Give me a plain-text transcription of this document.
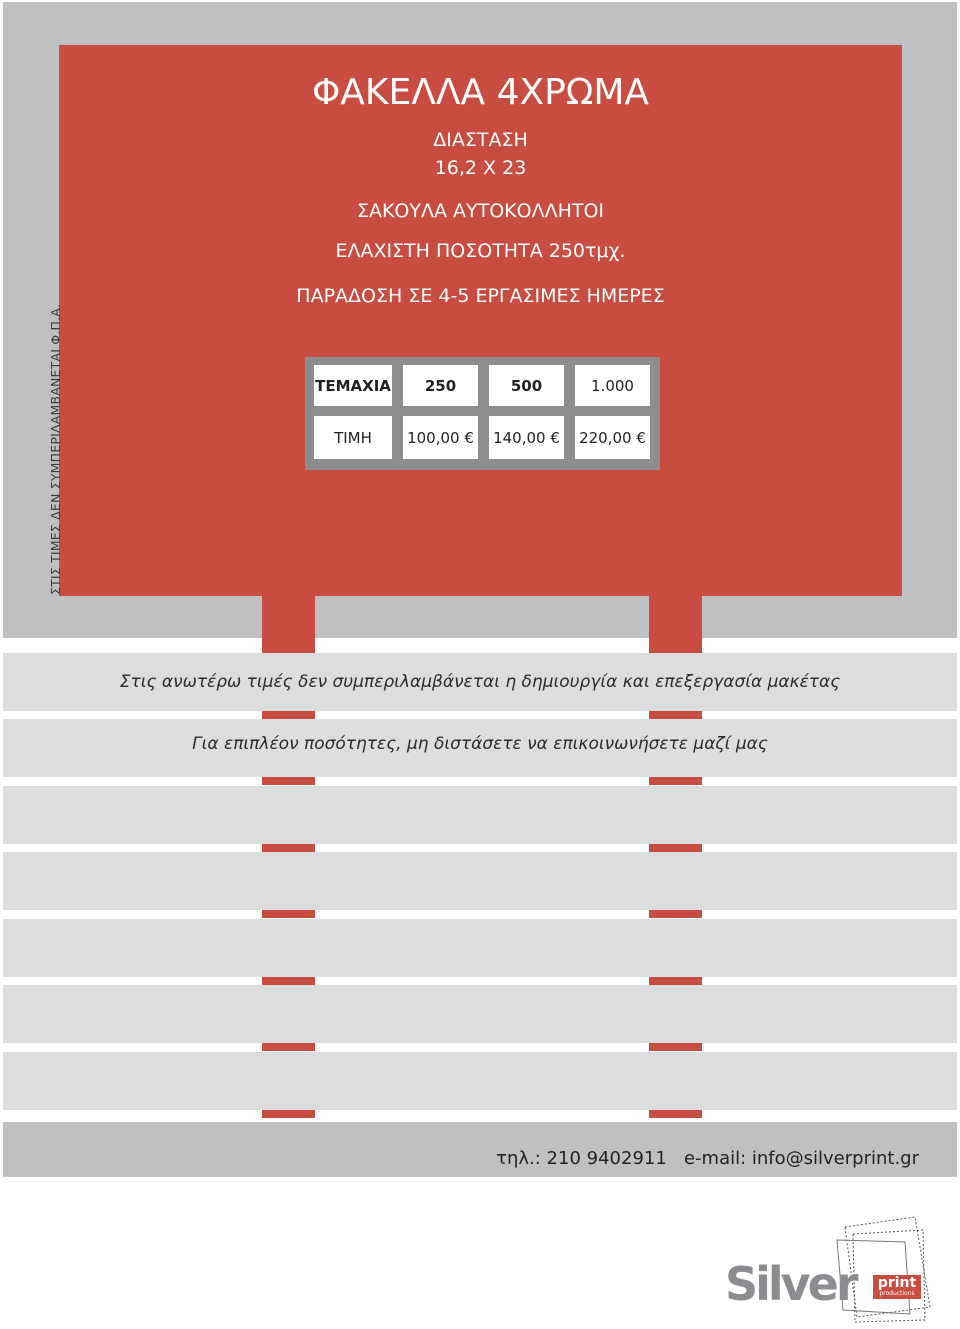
ΣΤΙΣ ΤΙΜΕΣ ΔΕΝ ΣΥΜΠΕΡΙΛΑΜΒΑΝΕΤΑΙ Φ.Π.Α.
ΦΑΚΕΛΛΑ 4ΧΡΩΜΑ
ΔΙΑΣΤΑΣΗ
16,2 Χ 23
ΣΑΚΟΥΛΑ ΑΥΤΟΚΟΛΛΗΤΟΙ
ΕΛΑΧΙΣΤΗ ΠΟΣΟΤΗΤΑ 250τμχ.
ΠΑΡΑΔΟΣΗ ΣΕ 4-5 ΕΡΓΑΣΙΜΕΣ ΗΜΕΡΕΣ
ΤΕΜΑΧΙΑ	250	500	1.000
ΤΙΜΗ	100,00 € 140,00 € 220,00 €
Στις ανωτέρω τιμές δεν συμπεριλαμβάνεται η δημιουργία και επεξεργασία μακέτας
Για επιπλέον ποσότητες, μη διστάσετε να επικοινωνήσετε μαζί μας
τηλ.: 210 9402911   e-mail: info@silverprint.gr
Silver	print
productions
